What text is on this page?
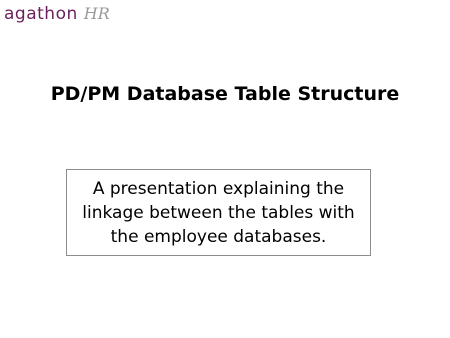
agathon HR
PD/PM Database Table Structure

A presentation explaining the linkage between the tables with the employee databases.
